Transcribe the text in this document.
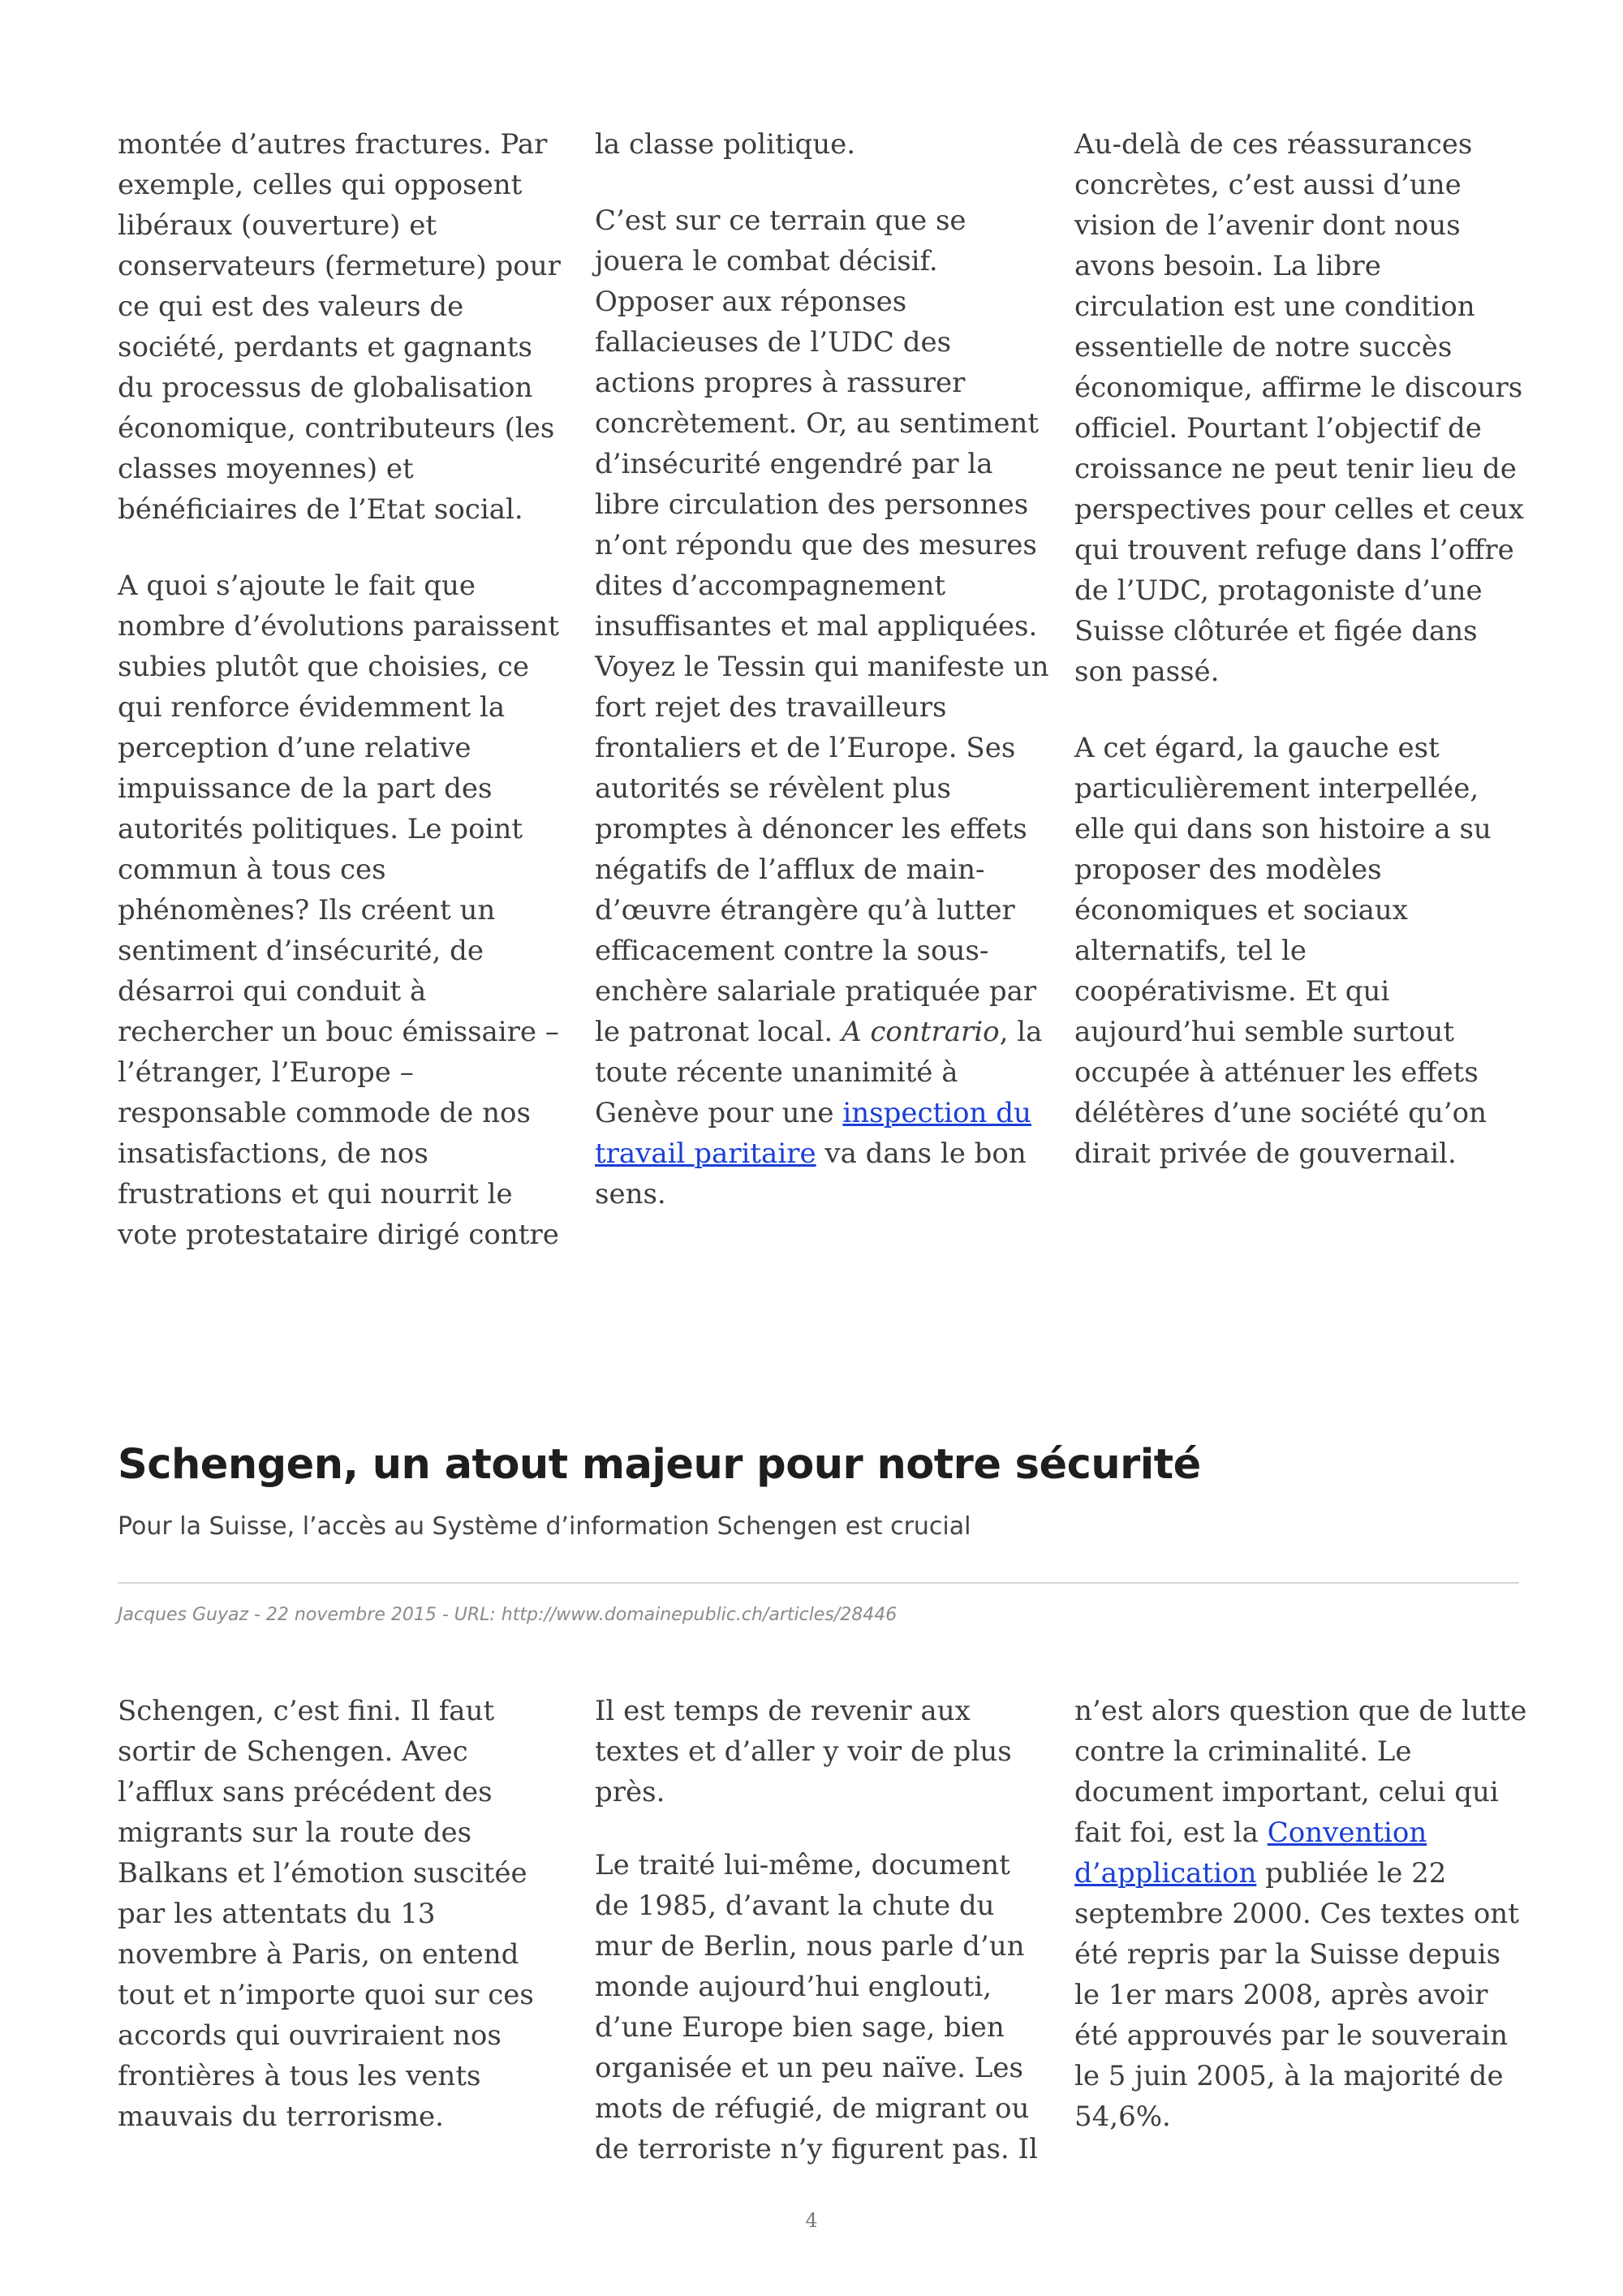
montée d’autres fractures. Par exemple, celles qui opposent libéraux (ouverture) et conservateurs (fermeture) pour ce qui est des valeurs de société, perdants et gagnants du processus de globalisation économique, contributeurs (les classes moyennes) et bénéficiaires de l’Etat social.

A quoi s’ajoute le fait que nombre d’évolutions paraissent subies plutôt que choisies, ce qui renforce évidemment la perception d’une relative impuissance de la part des autorités politiques. Le point commun à tous ces phénomènes? Ils créent un sentiment d’insécurité, de désarroi qui conduit à rechercher un bouc émissaire – l’étranger, l’Europe – responsable commode de nos insatisfactions, de nos frustrations et qui nourrit le vote protestataire dirigé contre

la classe politique.

C’est sur ce terrain que se jouera le combat décisif. Opposer aux réponses fallacieuses de l’UDC des actions propres à rassurer concrètement. Or, au sentiment d’insécurité engendré par la libre circulation des personnes n’ont répondu que des mesures dites d’accompagnement insuffisantes et mal appliquées. Voyez le Tessin qui manifeste un fort rejet des travailleurs frontaliers et de l’Europe. Ses autorités se révèlent plus promptes à dénoncer les effets négatifs de l’afflux de main-d’œuvre étrangère qu’à lutter efficacement contre la sous-enchère salariale pratiquée par le patronat local. A contrario, la toute récente unanimité à Genève pour une inspection du travail paritaire va dans le bon sens.

Au-delà de ces réassurances concrètes, c’est aussi d’une vision de l’avenir dont nous avons besoin. La libre circulation est une condition essentielle de notre succès économique, affirme le discours officiel. Pourtant l’objectif de croissance ne peut tenir lieu de perspectives pour celles et ceux qui trouvent refuge dans l’offre de l’UDC, protagoniste d’une Suisse clôturée et figée dans son passé.

A cet égard, la gauche est particulièrement interpellée, elle qui dans son histoire a su proposer des modèles économiques et sociaux alternatifs, tel le coopérativisme. Et qui aujourd’hui semble surtout occupée à atténuer les effets délétères d’une société qu’on dirait privée de gouvernail.

Schengen, un atout majeur pour notre sécurité
Pour la Suisse, l’accès au Système d’information Schengen est crucial
Jacques Guyaz - 22 novembre 2015 - URL: http://www.domainepublic.ch/articles/28446

Schengen, c’est fini. Il faut sortir de Schengen. Avec l’afflux sans précédent des migrants sur la route des Balkans et l’émotion suscitée par les attentats du 13 novembre à Paris, on entend tout et n’importe quoi sur ces accords qui ouvriraient nos frontières à tous les vents mauvais du terrorisme.

Il est temps de revenir aux textes et d’aller y voir de plus près.

Le traité lui-même, document de 1985, d’avant la chute du mur de Berlin, nous parle d’un monde aujourd’hui englouti, d’une Europe bien sage, bien organisée et un peu naïve. Les mots de réfugié, de migrant ou de terroriste n’y figurent pas. Il

n’est alors question que de lutte contre la criminalité. Le document important, celui qui fait foi, est la Convention d’application publiée le 22 septembre 2000. Ces textes ont été repris par la Suisse depuis le 1er mars 2008, après avoir été approuvés par le souverain le 5 juin 2005, à la majorité de 54,6%.

4
